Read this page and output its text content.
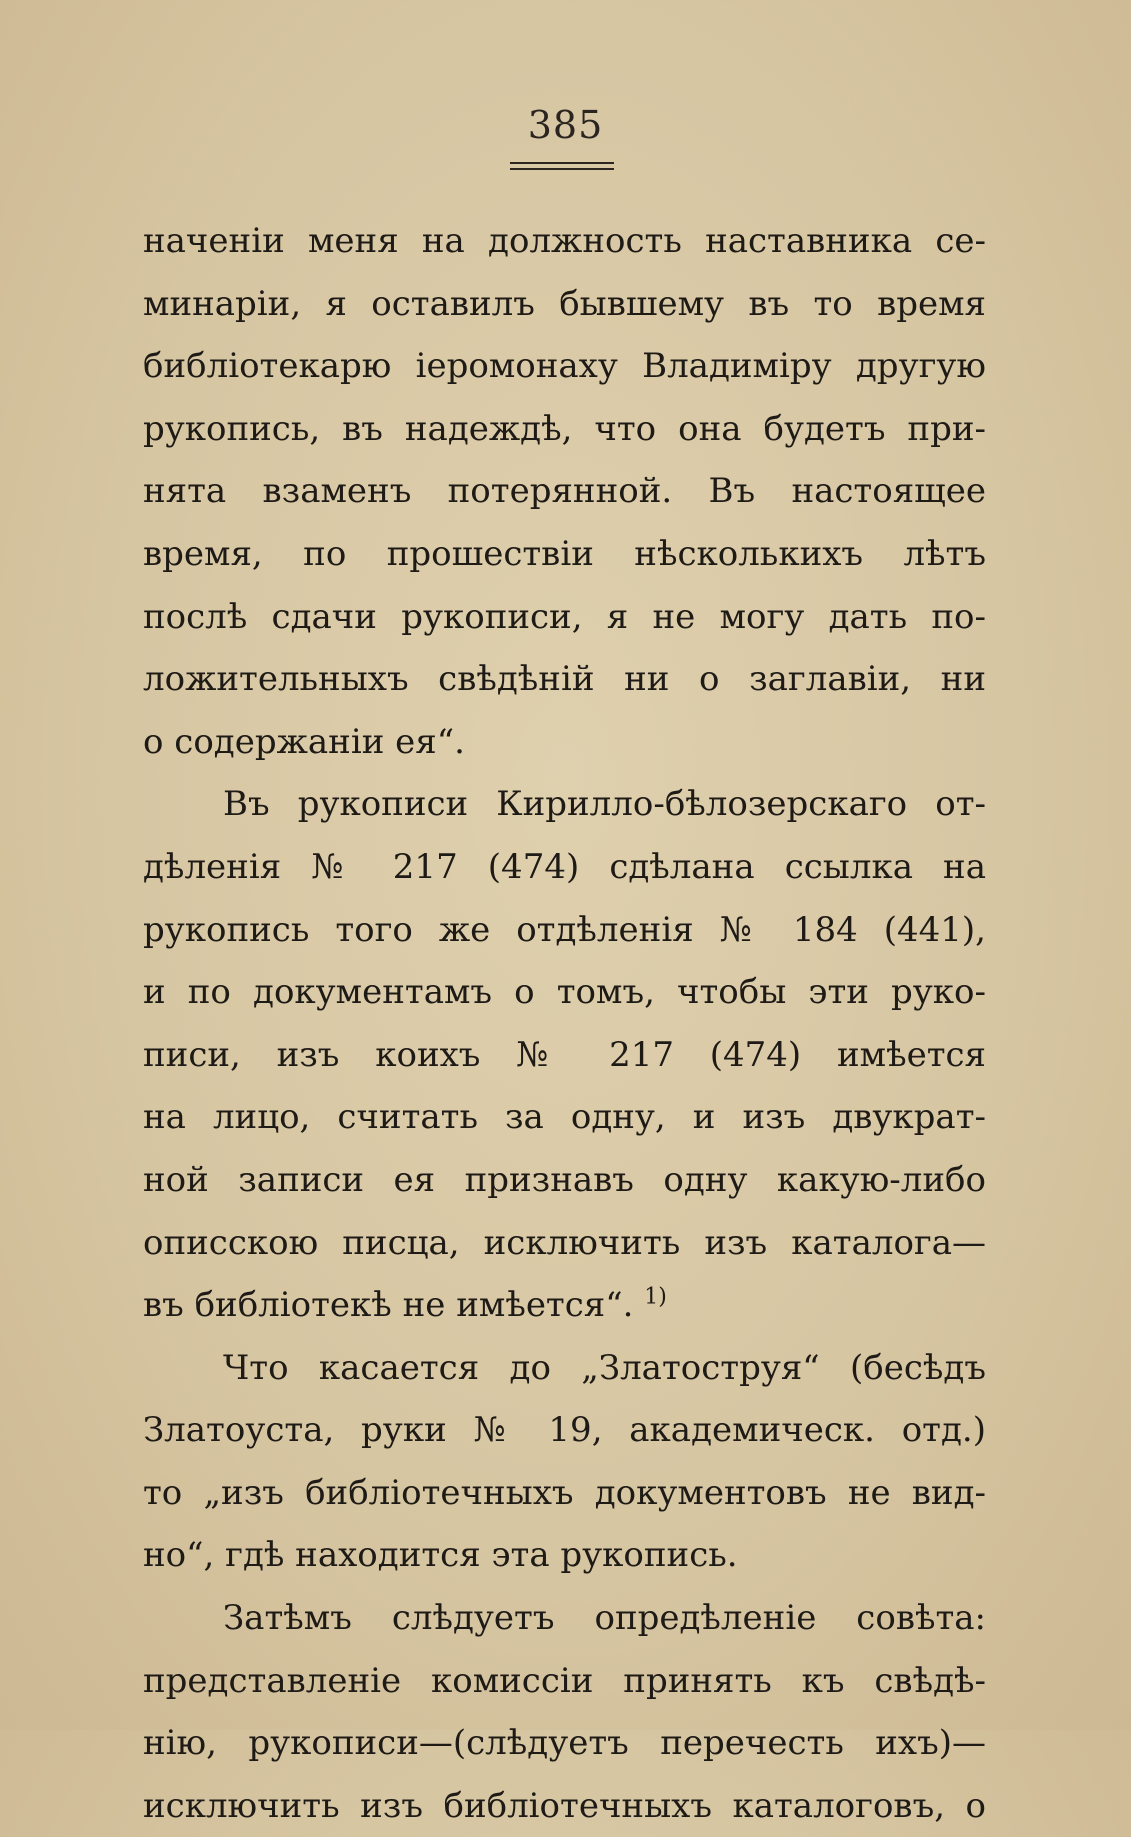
385
наченіи меня на должность наставника се-
минаріи, я оставилъ бывшему въ то время
библіотекарю іеромонаху Владиміру другую
рукопись, въ надеждѣ, что она будетъ при-
нята взаменъ потерянной. Въ настоящее
время, по прошествіи нѣсколькихъ лѣтъ
послѣ сдачи рукописи, я не могу дать по-
ложительныхъ свѣдѣній ни о заглавіи, ни
о содержаніи ея“.
Въ рукописи Кирилло-бѣлозерскаго от-
дѣленія № 217 (474) сдѣлана ссылка на
рукопись того же отдѣленія № 184 (441),
и по документамъ о томъ, чтобы эти руко-
писи, изъ коихъ № 217 (474) имѣется
на лицо, считать за одну, и изъ двукрат-
ной записи ея признавъ одну какую-либо
описскою писца, исключить изъ каталога—
въ библіотекѣ не имѣется“. $^{1)}$
Что касается до „Златоструя“ (бесѣдъ
Златоуста, руки № 19, академическ. отд.)
то „изъ библіотечныхъ документовъ не вид-
но“, гдѣ находится эта рукопись.
Затѣмъ слѣдуетъ опредѣленіе совѣта:
представленіе комиссіи принять къ свѣдѣ-
нію, рукописи—(слѣдуетъ перечесть ихъ)—
исключить изъ библіотечныхъ каталоговъ, о
